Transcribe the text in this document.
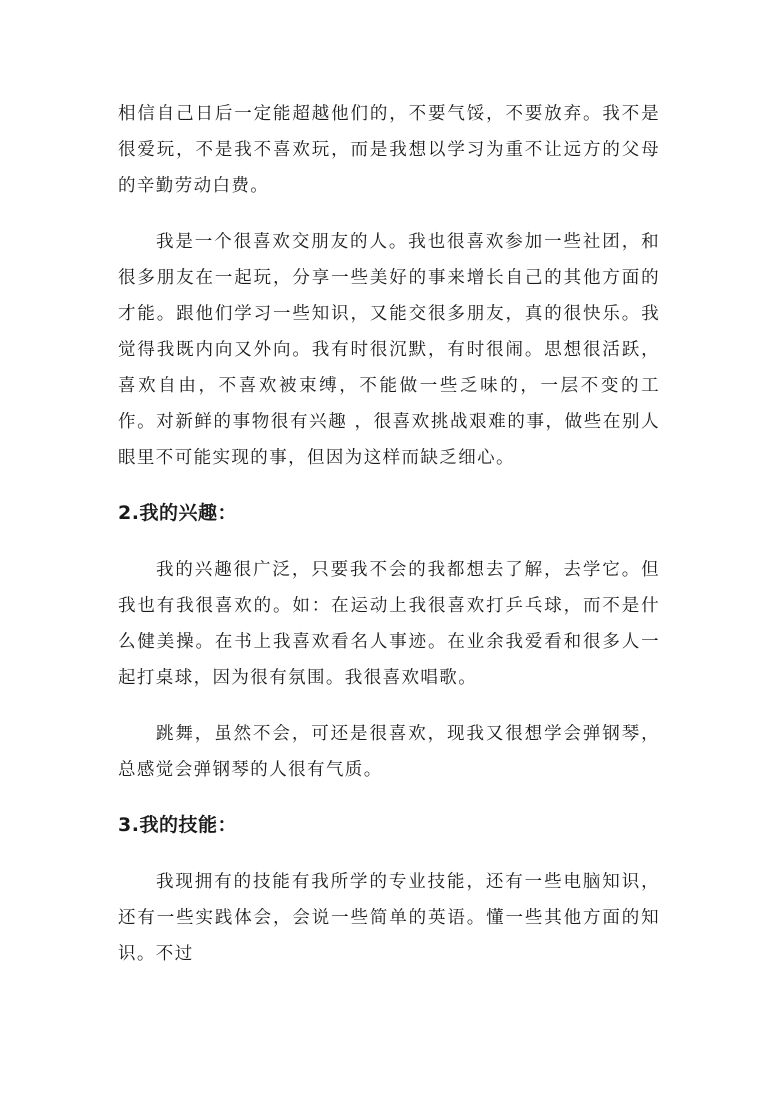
相信自己日后一定能超越他们的，不要气馁，不要放弃。我不是很爱玩，不是我不喜欢玩，而是我想以学习为重不让远方的父母的辛勤劳动白费。

我是一个很喜欢交朋友的人。我也很喜欢参加一些社团，和很多朋友在一起玩，分享一些美好的事来增长自己的其他方面的才能。跟他们学习一些知识，又能交很多朋友，真的很快乐。我觉得我既内向又外向。我有时很沉默，有时很闹。思想很活跃，喜欢自由，不喜欢被束缚，不能做一些乏味的，一层不变的工作。对新鲜的事物很有兴趣 ，很喜欢挑战艰难的事，做些在别人眼里不可能实现的事，但因为这样而缺乏细心。

2.我的兴趣：

我的兴趣很广泛，只要我不会的我都想去了解，去学它。但我也有我很喜欢的。如：在运动上我很喜欢打乒乓球，而不是什么健美操。在书上我喜欢看名人事迹。在业余我爱看和很多人一起打桌球，因为很有氛围。我很喜欢唱歌。

跳舞，虽然不会，可还是很喜欢，现我又很想学会弹钢琴，总感觉会弹钢琴的人很有气质。

3.我的技能：

我现拥有的技能有我所学的专业技能，还有一些电脑知识，还有一些实践体会，会说一些简单的英语。懂一些其他方面的知识。不过
